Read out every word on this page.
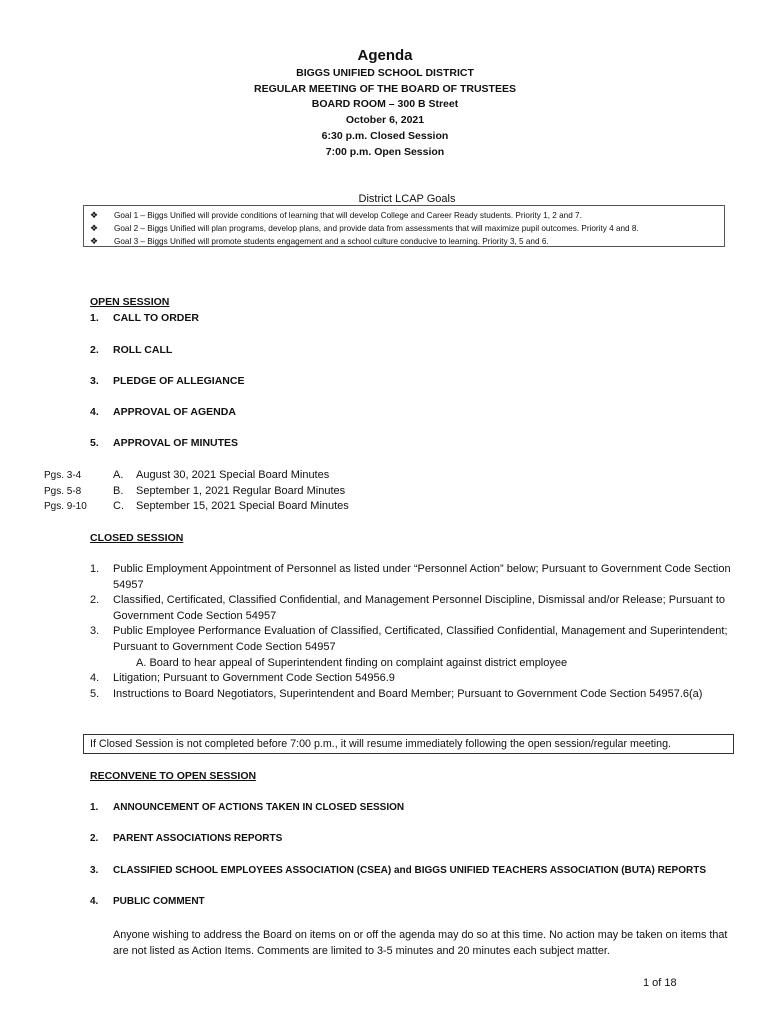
Agenda
BIGGS UNIFIED SCHOOL DISTRICT
REGULAR MEETING OF THE BOARD OF TRUSTEES
BOARD ROOM – 300 B Street
October 6, 2021
6:30 p.m. Closed Session
7:00 p.m. Open Session
District LCAP Goals
❖ Goal 1 – Biggs Unified will provide conditions of learning that will develop College and Career Ready students. Priority 1, 2 and 7.
❖ Goal 2 – Biggs Unified will plan programs, develop plans, and provide data from assessments that will maximize pupil outcomes. Priority 4 and 8.
❖ Goal 3 – Biggs Unified will promote students engagement and a school culture conducive to learning. Priority 3, 5 and 6.
OPEN SESSION
1. CALL TO ORDER
2. ROLL CALL
3. PLEDGE OF ALLEGIANCE
4. APPROVAL OF AGENDA
5. APPROVAL OF MINUTES
Pgs. 3-4	A. August 30, 2021 Special Board Minutes
Pgs. 5-8	B. September 1, 2021 Regular Board Minutes
Pgs. 9-10 C. September 15, 2021 Special Board Minutes
CLOSED SESSION
1. Public Employment Appointment of Personnel as listed under “Personnel Action” below; Pursuant to Government Code Section 54957
2. Classified, Certificated, Classified Confidential, and Management Personnel Discipline, Dismissal and/or Release; Pursuant to Government Code Section 54957
3. Public Employee Performance Evaluation of Classified, Certificated, Classified Confidential, Management and Superintendent; Pursuant to Government Code Section 54957
A. Board to hear appeal of Superintendent finding on complaint against district employee
4. Litigation; Pursuant to Government Code Section 54956.9
5. Instructions to Board Negotiators, Superintendent and Board Member; Pursuant to Government Code Section 54957.6(a)
If Closed Session is not completed before 7:00 p.m., it will resume immediately following the open session/regular meeting.
RECONVENE TO OPEN SESSION
1. ANNOUNCEMENT OF ACTIONS TAKEN IN CLOSED SESSION
2. PARENT ASSOCIATIONS REPORTS
3. CLASSIFIED SCHOOL EMPLOYEES ASSOCIATION (CSEA) and BIGGS UNIFIED TEACHERS ASSOCIATION (BUTA) REPORTS
4. PUBLIC COMMENT
Anyone wishing to address the Board on items on or off the agenda may do so at this time. No action may be taken on items that are not listed as Action Items. Comments are limited to 3-5 minutes and 20 minutes each subject matter.
1 of 18
